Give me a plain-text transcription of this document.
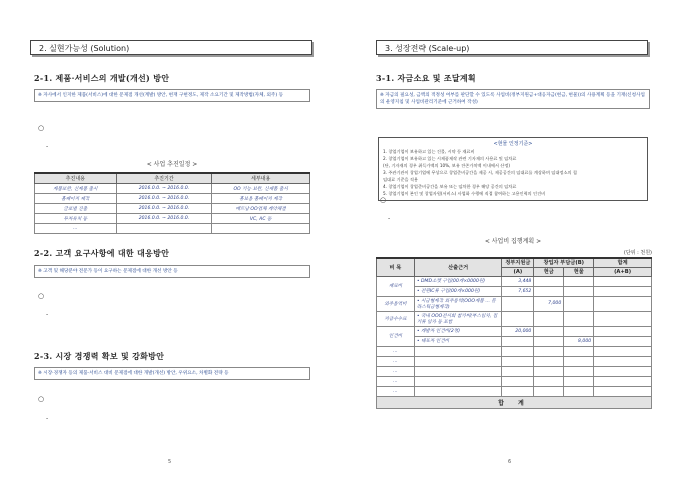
2. 실현가능성 (Solution)
2-1. 제품·서비스의 개발(개선) 방안
※ 자사에서 인지한 제품(서비스)에 대한 문제점 개선(계발) 방안, 현재 구현정도, 제작 소요기간 및 제작방법(자체, 외주) 등
○
-
< 사업 추진일정 >
추진내용	추진기간	세부내용
제품보완, 신제품 출시	2016.0.0. ~ 2016.0.0.	OO 기능 보완, 신제품 출시
홈페이지 제작	2016.0.0. ~ 2016.0.0.	홍보용 홈페이지 제작
글로벌 진출	2016.0.0. ~ 2016.0.0.	베트남 OO업체 계약체결
투자유치 등	2016.0.0. ~ 2016.0.0.	VC, AC 등
…		
2-2. 고객 요구사항에 대한 대응방안
※ 고객 및 해당분야 전문가 등이 요구하는 문제점에 대한 개선 방안 등
○
-
2-3. 시장 경쟁력 확보 및 강화방안
※ 시장·경쟁자 등의 제품·서비스 대비 문제점에 대한 개발(개선) 방안, 우위요소, 차별화 전략 등
○
-
5
3. 성장전략 (Scale-up)
3-1. 자금소요 및 조달계획
※ 자금의 필요성, 금액의 적정성 여부를 판단할 수 있도록 사업비(정부지원금+대응자금(현금, 현물))의 사용계획 등을 기재(신청사업의 운영지침 및 사업비관리기준에 근거하여 작성)
○
-
< 사업비 집행계획 >
(단위 : 천원)
비 목	산출근거	정부지원금	창업자 부담금(B)		합계

		(A)	현금	현물	(A+B)
재료비	• DMD소켓 구입(00개×0000원)	3,448			
	• 전원IC류 구입(00개×000원)	7,652			
외주용역비	• 시금형제작 외주용역(OOO제품 … 플라스틱금형제작)		7,000		
지급수수료	• 국내 OOO전시회 참가비(부스임차, 집기류 임차 등 포함				
인건비	• 개발자 인건비(2명)	20,000			
	• 대표자 인건비			8,000	
…					
…					
…					
…					
…					
합 계					
6
<현물 인정기준>
1. 창업기업이 보유하고 있는 건물, 시약 등 재료비
2. 창업기업이 보유하고 있는 시제품제작 관련 기자재의 사용료 및 임차료
(단, 기자재의 경우 취득가액의 10%, 보유 잔존가치액 이내에서 산정)
3. 주관기관이 창업기업에 무상으로 창업준비공간을 제공 시, 제공공간의 임대료를 계상하며 임대정소의 철
임대료 기준을 적용
4. 창업기업이 창업준비공간을 보유 또는 임차한 경우 해당 공간의 임차료
5. 창업기업이 본인 및 창업자원(서비스) 사업화 수행에 직접 참여하는 고용인력의 인건비
